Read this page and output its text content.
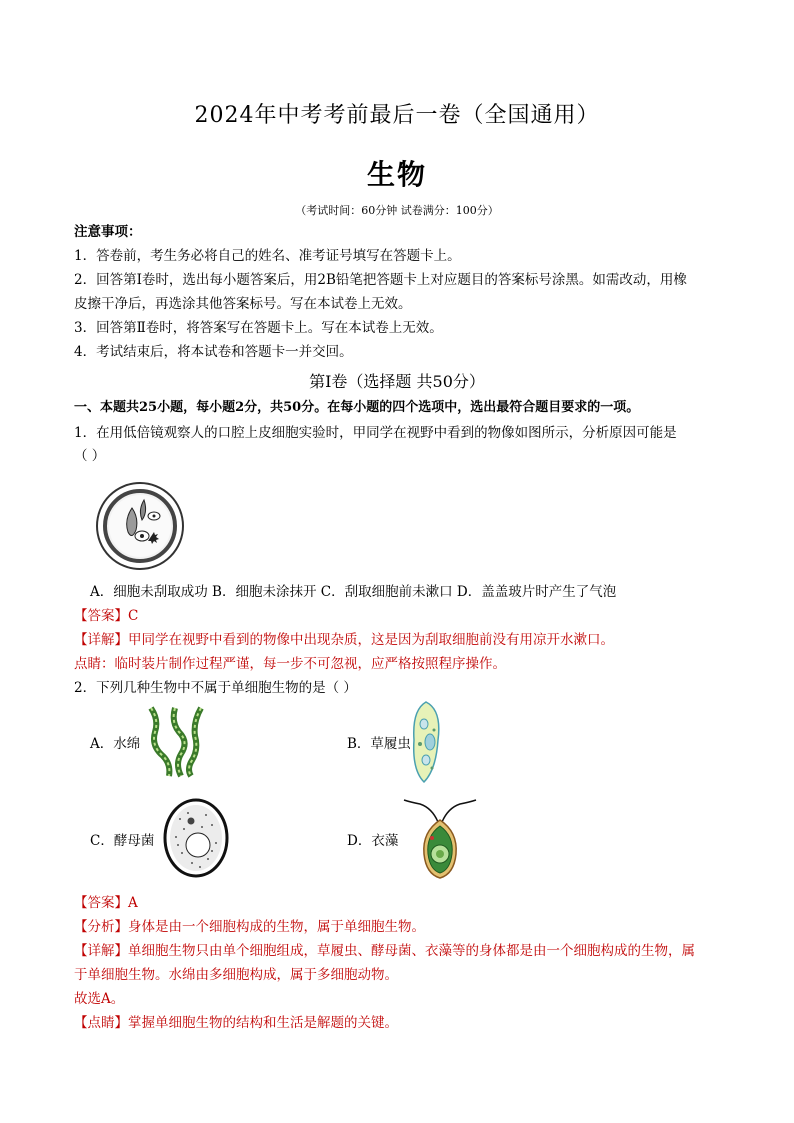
2024年中考考前最后一卷（全国通用）
生物
（考试时间：60分钟 试卷满分：100分）
注意事项：
1．答卷前，考生务必将自己的姓名、准考证号填写在答题卡上。
2．回答第Ⅰ卷时，选出每小题答案后，用2B铅笔把答题卡上对应题目的答案标号涂黑。如需改动，用橡
皮擦干净后，再选涂其他答案标号。写在本试卷上无效。
3．回答第Ⅱ卷时，将答案写在答题卡上。写在本试卷上无效。
4．考试结束后，将本试卷和答题卡一并交回。
第Ⅰ卷（选择题 共50分）
一、本题共25小题，每小题2分，共50分。在每小题的四个选项中，选出最符合题目要求的一项。
1．在用低倍镜观察人的口腔上皮细胞实验时，甲同学在视野中看到的物像如图所示，分析原因可能是
（ ）
A．细胞未刮取成功 B．细胞未涂抹开 C．刮取细胞前未漱口 D．盖盖玻片时产生了气泡
【答案】C
【详解】甲同学在视野中看到的物像中出现杂质，这是因为刮取细胞前没有用凉开水漱口。
点睛：临时装片制作过程严谨，每一步不可忽视，应严格按照程序操作。
2．下列几种生物中不属于单细胞生物的是（ ）
A．水绵	B．草履虫
C．酵母菌	D．衣藻
【答案】A
【分析】身体是由一个细胞构成的生物，属于单细胞生物。
【详解】单细胞生物只由单个细胞组成，草履虫、酵母菌、衣藻等的身体都是由一个细胞构成的生物，属
于单细胞生物。水绵由多细胞构成，属于多细胞动物。
故选A。
【点睛】掌握单细胞生物的结构和生活是解题的关键。
